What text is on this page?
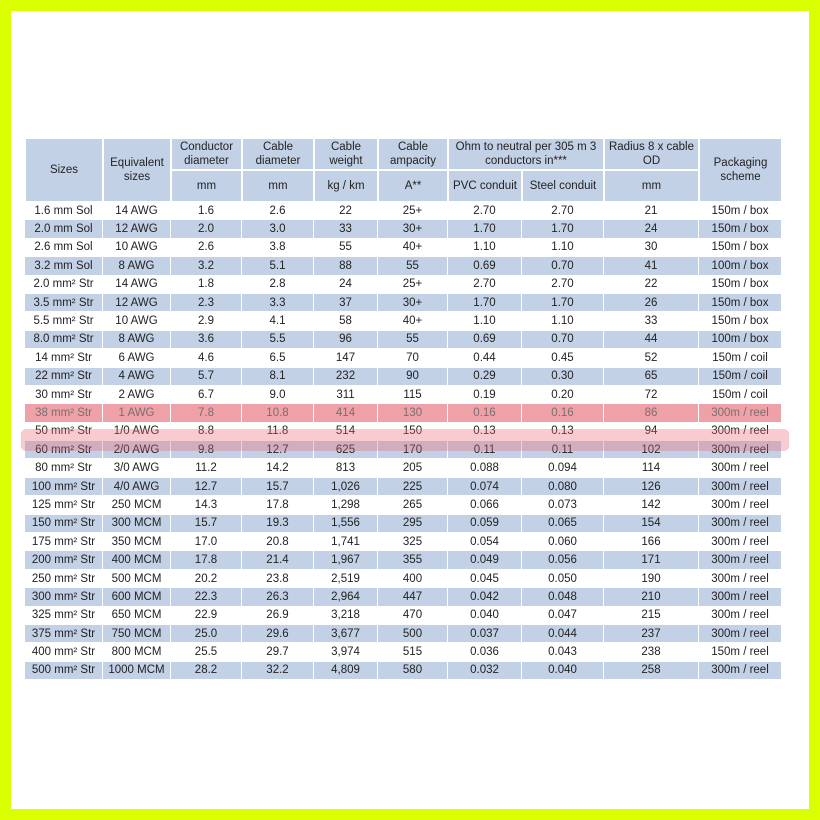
Sizes	Equivalent sizes	Conductor diameter	Cable diameter	Cable weight	Cable ampacity	Ohm to neutral per 305 m 3 conductors in***		Radius 8 x cable OD	Packaging scheme
		mm	mm	kg / km	A**	PVC conduit	Steel conduit	mm	
1.6 mm Sol	14 AWG	1.6	2.6	22	25+	2.70	2.70	21	150m / box
2.0 mm Sol	12 AWG	2.0	3.0	33	30+	1.70	1.70	24	150m / box
2.6 mm Sol	10 AWG	2.6	3.8	55	40+	1.10	1.10	30	150m / box
3.2 mm Sol	8 AWG	3.2	5.1	88	55	0.69	0.70	41	100m / box
2.0 mm² Str	14 AWG	1.8	2.8	24	25+	2.70	2.70	22	150m / box
3.5 mm² Str	12 AWG	2.3	3.3	37	30+	1.70	1.70	26	150m / box
5.5 mm² Str	10 AWG	2.9	4.1	58	40+	1.10	1.10	33	150m / box
8.0 mm² Str	8 AWG	3.6	5.5	96	55	0.69	0.70	44	100m / box
14 mm² Str	6 AWG	4.6	6.5	147	70	0.44	0.45	52	150m / coil
22 mm² Str	4 AWG	5.7	8.1	232	90	0.29	0.30	65	150m / coil
30 mm² Str	2 AWG	6.7	9.0	311	115	0.19	0.20	72	150m / coil
38 mm² Str	1 AWG	7.8	10.8	414	130	0.16	0.16	86	300m / reel
50 mm² Str	1/0 AWG	8.8	11.8	514	150	0.13	0.13	94	300m / reel
60 mm² Str	2/0 AWG	9.8	12.7	625	170	0.11	0.11	102	300m / reel
80 mm² Str	3/0 AWG	11.2	14.2	813	205	0.088	0.094	114	300m / reel
100 mm² Str	4/0 AWG	12.7	15.7	1,026	225	0.074	0.080	126	300m / reel
125 mm² Str	250 MCM	14.3	17.8	1,298	265	0.066	0.073	142	300m / reel
150 mm² Str	300 MCM	15.7	19.3	1,556	295	0.059	0.065	154	300m / reel
175 mm² Str	350 MCM	17.0	20.8	1,741	325	0.054	0.060	166	300m / reel
200 mm² Str	400 MCM	17.8	21.4	1,967	355	0.049	0.056	171	300m / reel
250 mm² Str	500 MCM	20.2	23.8	2,519	400	0.045	0.050	190	300m / reel
300 mm² Str	600 MCM	22.3	26.3	2,964	447	0.042	0.048	210	300m / reel
325 mm² Str	650 MCM	22.9	26.9	3,218	470	0.040	0.047	215	300m / reel
375 mm² Str	750 MCM	25.0	29.6	3,677	500	0.037	0.044	237	300m / reel
400 mm² Str	800 MCM	25.5	29.7	3,974	515	0.036	0.043	238	150m / reel
500 mm² Str	1000 MCM	28.2	32.2	4,809	580	0.032	0.040	258	300m / reel
